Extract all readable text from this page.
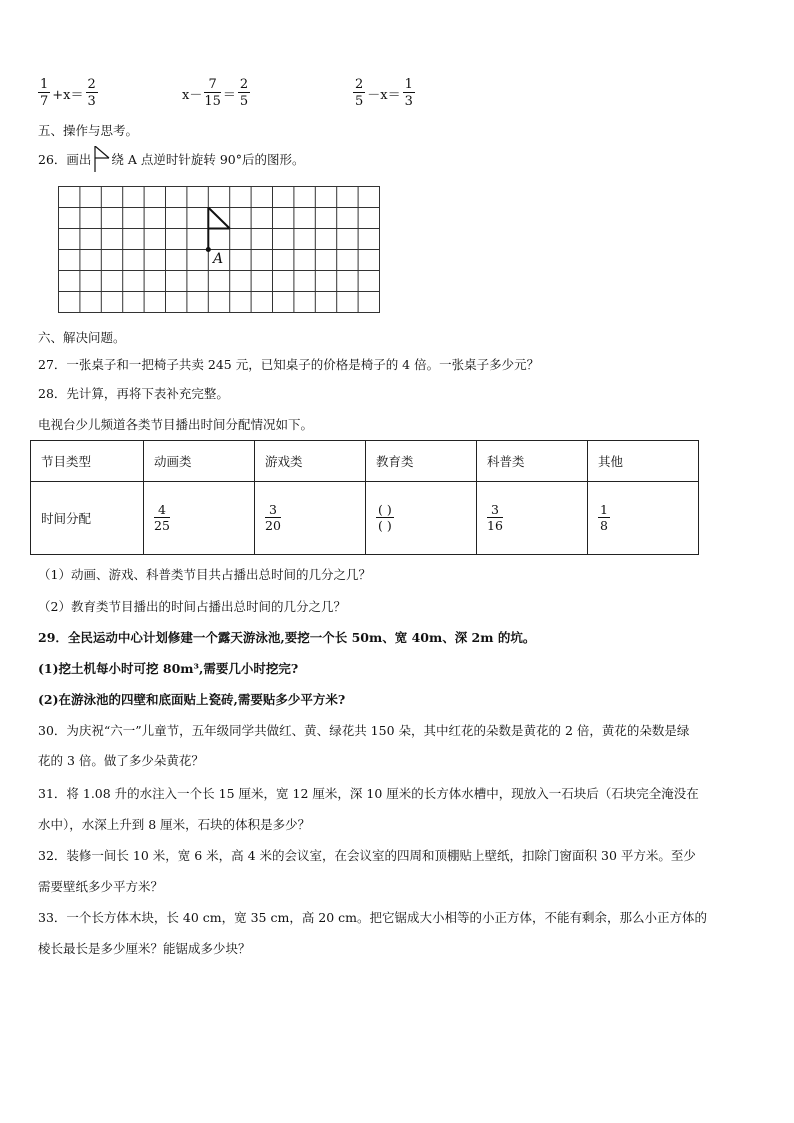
$\frac{1}{7} +x= \frac{2}{3}$	$x- \frac{7}{15} = \frac{2}{5}$	$\frac{2}{5} -x= \frac{1}{3}$
五、操作与思考。
26．画出 绕 A 点逆时针旋转 90°后的图形。
A
六、解决问题。
27．一张桌子和一把椅子共卖 245 元，已知桌子的价格是椅子的 4 倍。一张桌子多少元？
28．先计算，再将下表补充完整。
电视台少儿频道各类节目播出时间分配情况如下。
节目类型	动画类	游戏类	教育类	科普类	其他
时间分配	$\frac{4}{25}$	$\frac{3}{20}$	$\frac{( )}{( )}$	$\frac{3}{16}$	$\frac{1}{8}$
（1）动画、游戏、科普类节目共占播出总时间的几分之几？
（2）教育类节目播出的时间占播出总时间的几分之几？
29．全民运动中心计划修建一个露天游泳池,要挖一个长 50m、宽 40m、深 2m 的坑。
(1)挖土机每小时可挖 80m³,需要几小时挖完?
(2)在游泳池的四壁和底面贴上瓷砖,需要贴多少平方米?
30．为庆祝“六一”儿童节，五年级同学共做红、黄、绿花共 150 朵，其中红花的朵数是黄花的 2 倍，黄花的朵数是绿
花的 3 倍。做了多少朵黄花？
31．将 1.08 升的水注入一个长 15 厘米，宽 12 厘米，深 10 厘米的长方体水槽中，现放入一石块后（石块完全淹没在
水中），水深上升到 8 厘米，石块的体积是多少？
32．装修一间长 10 米，宽 6 米，高 4 米的会议室，在会议室的四周和顶棚贴上壁纸，扣除门窗面积 30 平方米。至少
需要壁纸多少平方米？
33．一个长方体木块，长 40 cm，宽 35 cm，高 20 cm。把它锯成大小相等的小正方体，不能有剩余，那么小正方体的
棱长最长是多少厘米？能锯成多少块？
